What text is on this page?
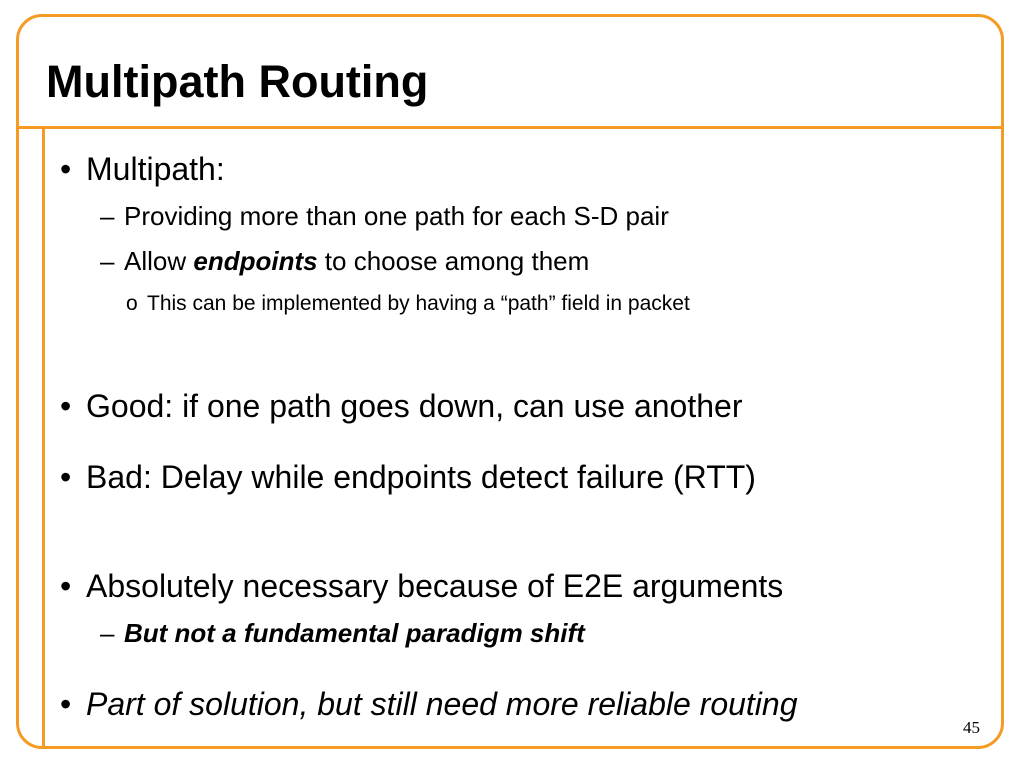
Multipath Routing
• Multipath:
– Providing more than one path for each S-D pair
– Allow endpoints to choose among them
o This can be implemented by having a “path” field in packet
• Good: if one path goes down, can use another
• Bad: Delay while endpoints detect failure (RTT)
• Absolutely necessary because of E2E arguments
– But not a fundamental paradigm shift
• Part of solution, but still need more reliable routing
45
